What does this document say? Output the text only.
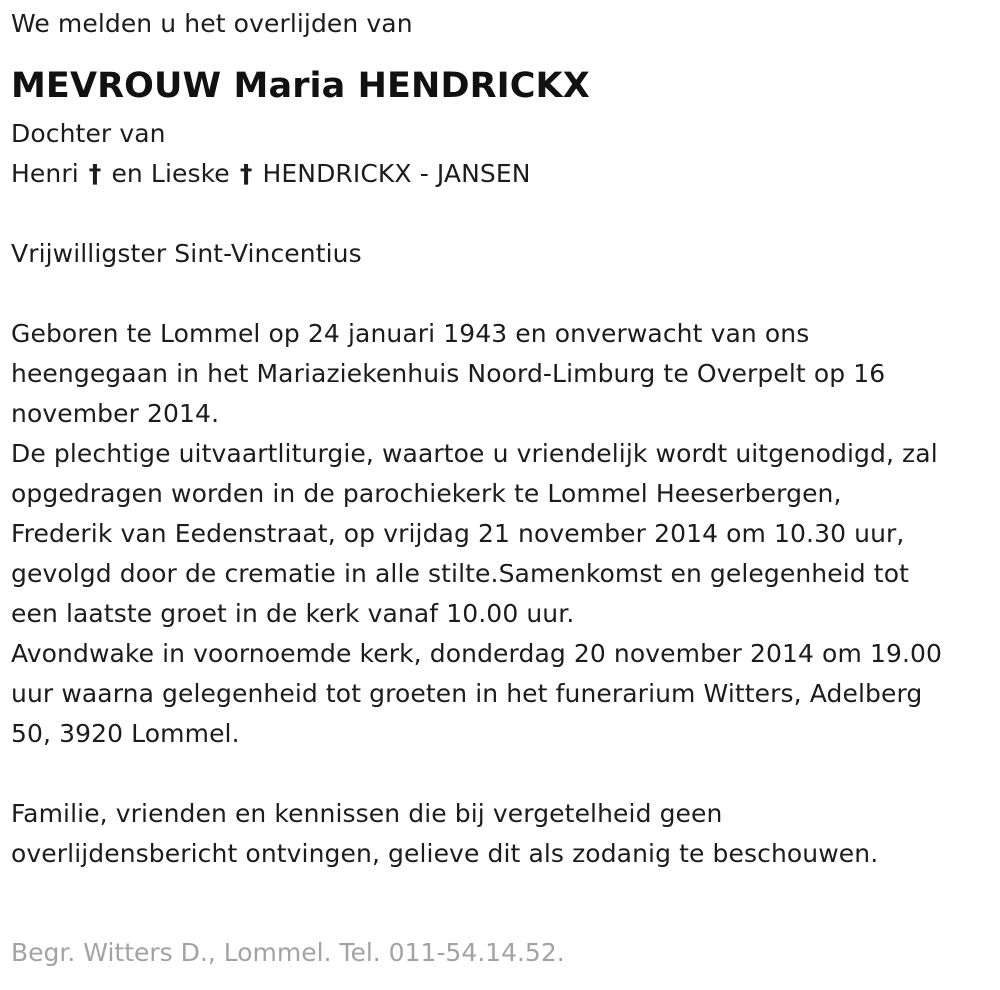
We melden u het overlijden van
MEVROUW Maria HENDRICKX
Dochter van
Henri † en Lieske † HENDRICKX - JANSEN
Vrijwilligster Sint-Vincentius
Geboren te Lommel op 24 januari 1943 en onverwacht van ons
heengegaan in het Mariaziekenhuis Noord-Limburg te Overpelt op 16
november 2014.
De plechtige uitvaartliturgie, waartoe u vriendelijk wordt uitgenodigd, zal
opgedragen worden in de parochiekerk te Lommel Heeserbergen,
Frederik van Eedenstraat, op vrijdag 21 november 2014 om 10.30 uur,
gevolgd door de crematie in alle stilte.Samenkomst en gelegenheid tot
een laatste groet in de kerk vanaf 10.00 uur.
Avondwake in voornoemde kerk, donderdag 20 november 2014 om 19.00
uur waarna gelegenheid tot groeten in het funerarium Witters, Adelberg
50, 3920 Lommel.
Familie, vrienden en kennissen die bij vergetelheid geen
overlijdensbericht ontvingen, gelieve dit als zodanig te beschouwen.
Begr. Witters D., Lommel. Tel. 011-54.14.52.
